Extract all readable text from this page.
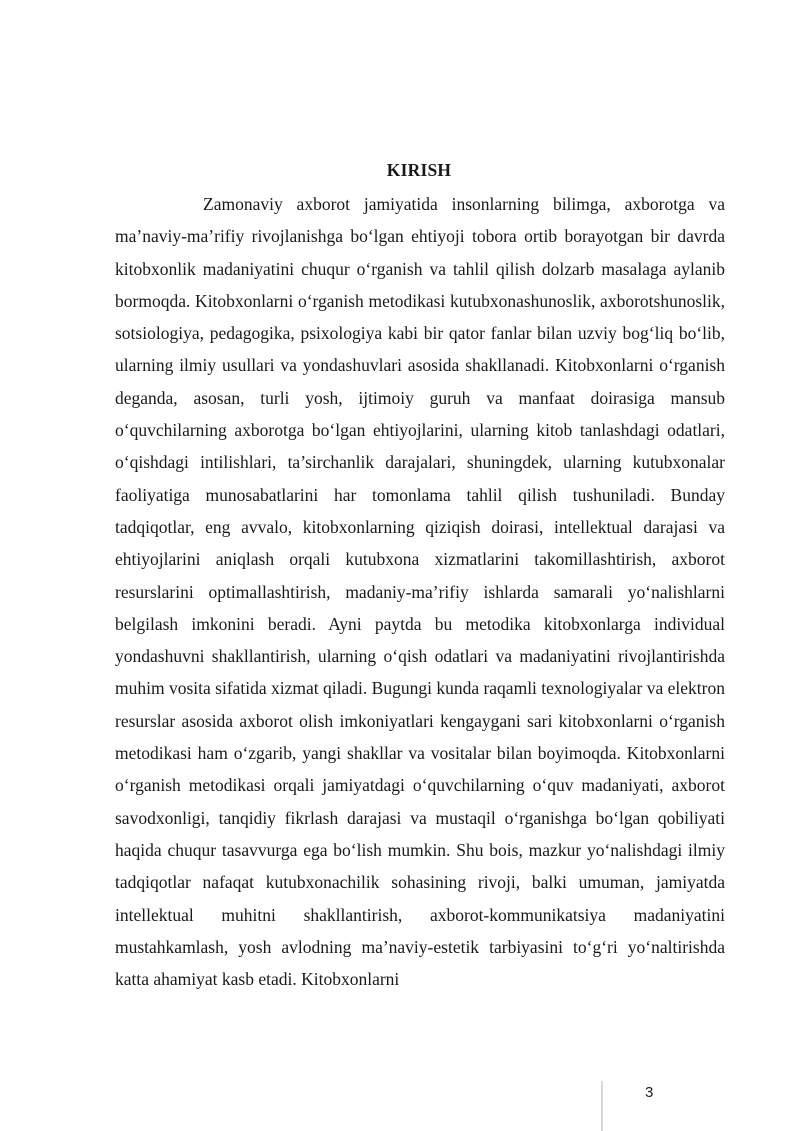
KIRISH

Zamonaviy axborot jamiyatida insonlarning bilimga, axborotga va ma’naviy-ma’rifiy rivojlanishga bo‘lgan ehtiyoji tobora ortib borayotgan bir davrda kitobxonlik madaniyatini chuqur o‘rganish va tahlil qilish dolzarb masalaga aylanib bormoqda. Kitobxonlarni o‘rganish metodikasi kutubxonashunoslik, axborotshunoslik, sotsiologiya, pedagogika, psixologiya kabi bir qator fanlar bilan uzviy bog‘liq bo‘lib, ularning ilmiy usullari va yondashuvlari asosida shakllanadi. Kitobxonlarni o‘rganish deganda, asosan, turli yosh, ijtimoiy guruh va manfaat doirasiga mansub o‘quvchilarning axborotga bo‘lgan ehtiyojlarini, ularning kitob tanlashdagi odatlari, o‘qishdagi intilishlari, ta’sirchanlik darajalari, shuningdek, ularning kutubxonalar faoliyatiga munosabatlarini har tomonlama tahlil qilish tushuniladi. Bunday tadqiqotlar, eng avvalo, kitobxonlarning qiziqish doirasi, intellektual darajasi va ehtiyojlarini aniqlash orqali kutubxona xizmatlarini takomillashtirish, axborot resurslarini optimallashtirish, madaniy-ma’rifiy ishlarda samarali yo‘nalishlarni belgilash imkonini beradi. Ayni paytda bu metodika kitobxonlarga individual yondashuvni shakllantirish, ularning o‘qish odatlari va madaniyatini rivojlantirishda muhim vosita sifatida xizmat qiladi. Bugungi kunda raqamli texnologiyalar va elektron resurslar asosida axborot olish imkoniyatlari kengaygani sari kitobxonlarni o‘rganish metodikasi ham o‘zgarib, yangi shakllar va vositalar bilan boyimoqda. Kitobxonlarni o‘rganish metodikasi orqali jamiyatdagi o‘quvchilarning o‘quv madaniyati, axborot savodxonligi, tanqidiy fikrlash darajasi va mustaqil o‘rganishga bo‘lgan qobiliyati haqida chuqur tasavvurga ega bo‘lish mumkin. Shu bois, mazkur yo‘nalishdagi ilmiy tadqiqotlar nafaqat kutubxonachilik sohasining rivoji, balki umuman, jamiyatda intellektual muhitni shakllantirish, axborot-kommunikatsiya madaniyatini mustahkamlash, yosh avlodning ma’naviy-estetik tarbiyasini to‘g‘ri yo‘naltirishda katta ahamiyat kasb etadi. Kitobxonlarni

3
